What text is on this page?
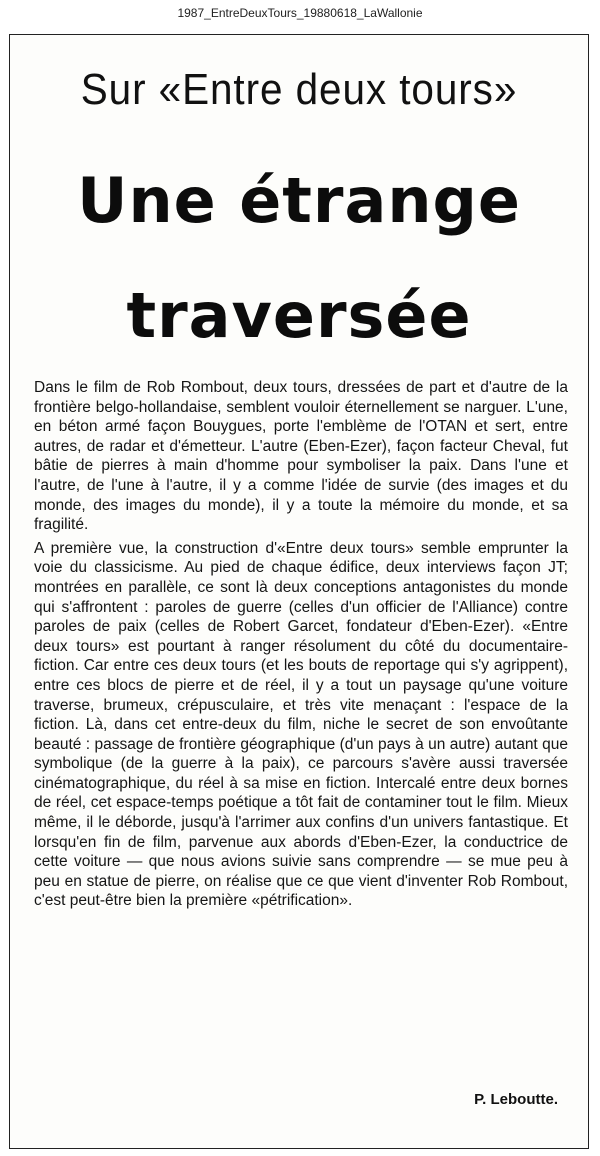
1987_EntreDeuxTours_19880618_LaWallonie
Sur «Entre deux tours»
Une étrange
traversée

Dans le film de Rob Rombout, deux tours, dressées de part et d'autre de la frontière belgo-hollandaise, semblent vouloir éternellement se narguer. L'une, en béton armé façon Bouygues, porte l'emblème de l'OTAN et sert, entre autres, de radar et d'émetteur. L'autre (Eben-Ezer), façon facteur Cheval, fut bâtie de pierres à main d'homme pour symboliser la paix. Dans l'une et l'autre, de l'une à l'autre, il y a comme l'idée de survie (des images et du monde, des images du monde), il y a toute la mémoire du monde, et sa fragilité.

A première vue, la construction d'«Entre deux tours» semble emprunter la voie du classicisme. Au pied de chaque édifice, deux interviews façon JT; montrées en parallèle, ce sont là deux conceptions antagonistes du monde qui s'affrontent : paroles de guerre (celles d'un officier de l'Alliance) contre paroles de paix (celles de Robert Garcet, fondateur d'Eben-Ezer). «Entre deux tours» est pourtant à ranger résolument du côté du documentaire-fiction. Car entre ces deux tours (et les bouts de reportage qui s'y agrippent), entre ces blocs de pierre et de réel, il y a tout un paysage qu'une voiture traverse, brumeux, crépusculaire, et très vite menaçant : l'espace de la fiction. Là, dans cet entre-deux du film, niche le secret de son envoûtante beauté : passage de frontière géographique (d'un pays à un autre) autant que symbolique (de la guerre à la paix), ce parcours s'avère aussi traversée cinématographique, du réel à sa mise en fiction. Intercalé entre deux bornes de réel, cet espace-temps poétique a tôt fait de contaminer tout le film. Mieux même, il le déborde, jusqu'à l'arrimer aux confins d'un univers fantastique. Et lorsqu'en fin de film, parvenue aux abords d'Eben-Ezer, la conductrice de cette voiture — que nous avions suivie sans comprendre — se mue peu à peu en statue de pierre, on réalise que ce que vient d'inventer Rob Rombout, c'est peut-être bien la première «pétrification».

P. Leboutte.
